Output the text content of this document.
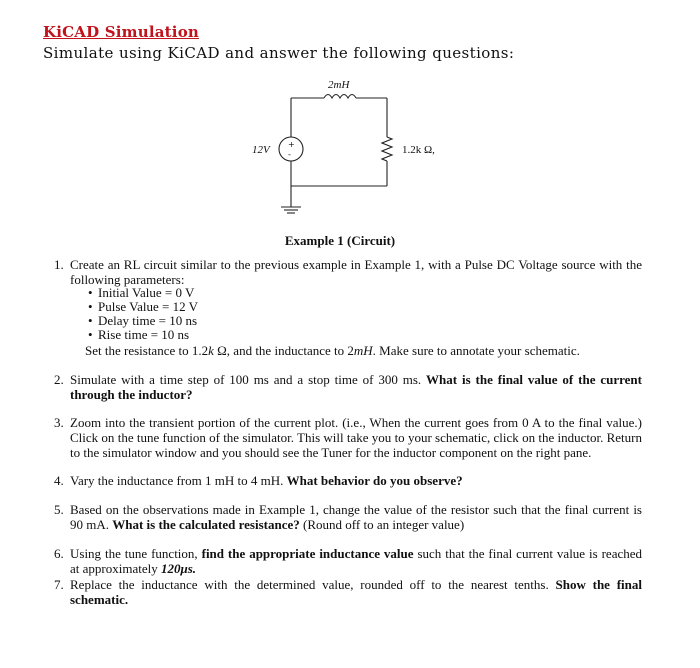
KiCAD Simulation
Simulate using KiCAD and answer the following questions:
+
-
2mH
12V	1.2k Ω,
Example 1 (Circuit)
1. Create an RL circuit similar to the previous example in Example 1, with a Pulse DC Voltage source with the following parameters:
• Initial Value = 0 V
• Pulse Value = 12 V
• Delay time = 10 ns
• Rise time = 10 ns
Set the resistance to 1.2k Ω, and the inductance to 2mH. Make sure to annotate your schematic.
2. Simulate with a time step of 100 ms and a stop time of 300 ms. What is the final value of the current through the inductor?
3. Zoom into the transient portion of the current plot. (i.e., When the current goes from 0 A to the final value.) Click on the tune function of the simulator. This will take you to your schematic, click on the inductor. Return to the simulator window and you should see the Tuner for the inductor component on the right pane.
4. Vary the inductance from 1 mH to 4 mH. What behavior do you observe?
5. Based on the observations made in Example 1, change the value of the resistor such that the final current is 90 mA. What is the calculated resistance? (Round off to an integer value)
6. Using the tune function, find the appropriate inductance value such that the final current value is reached at approximately 120μs.
7. Replace the inductance with the determined value, rounded off to the nearest tenths. Show the final schematic.
